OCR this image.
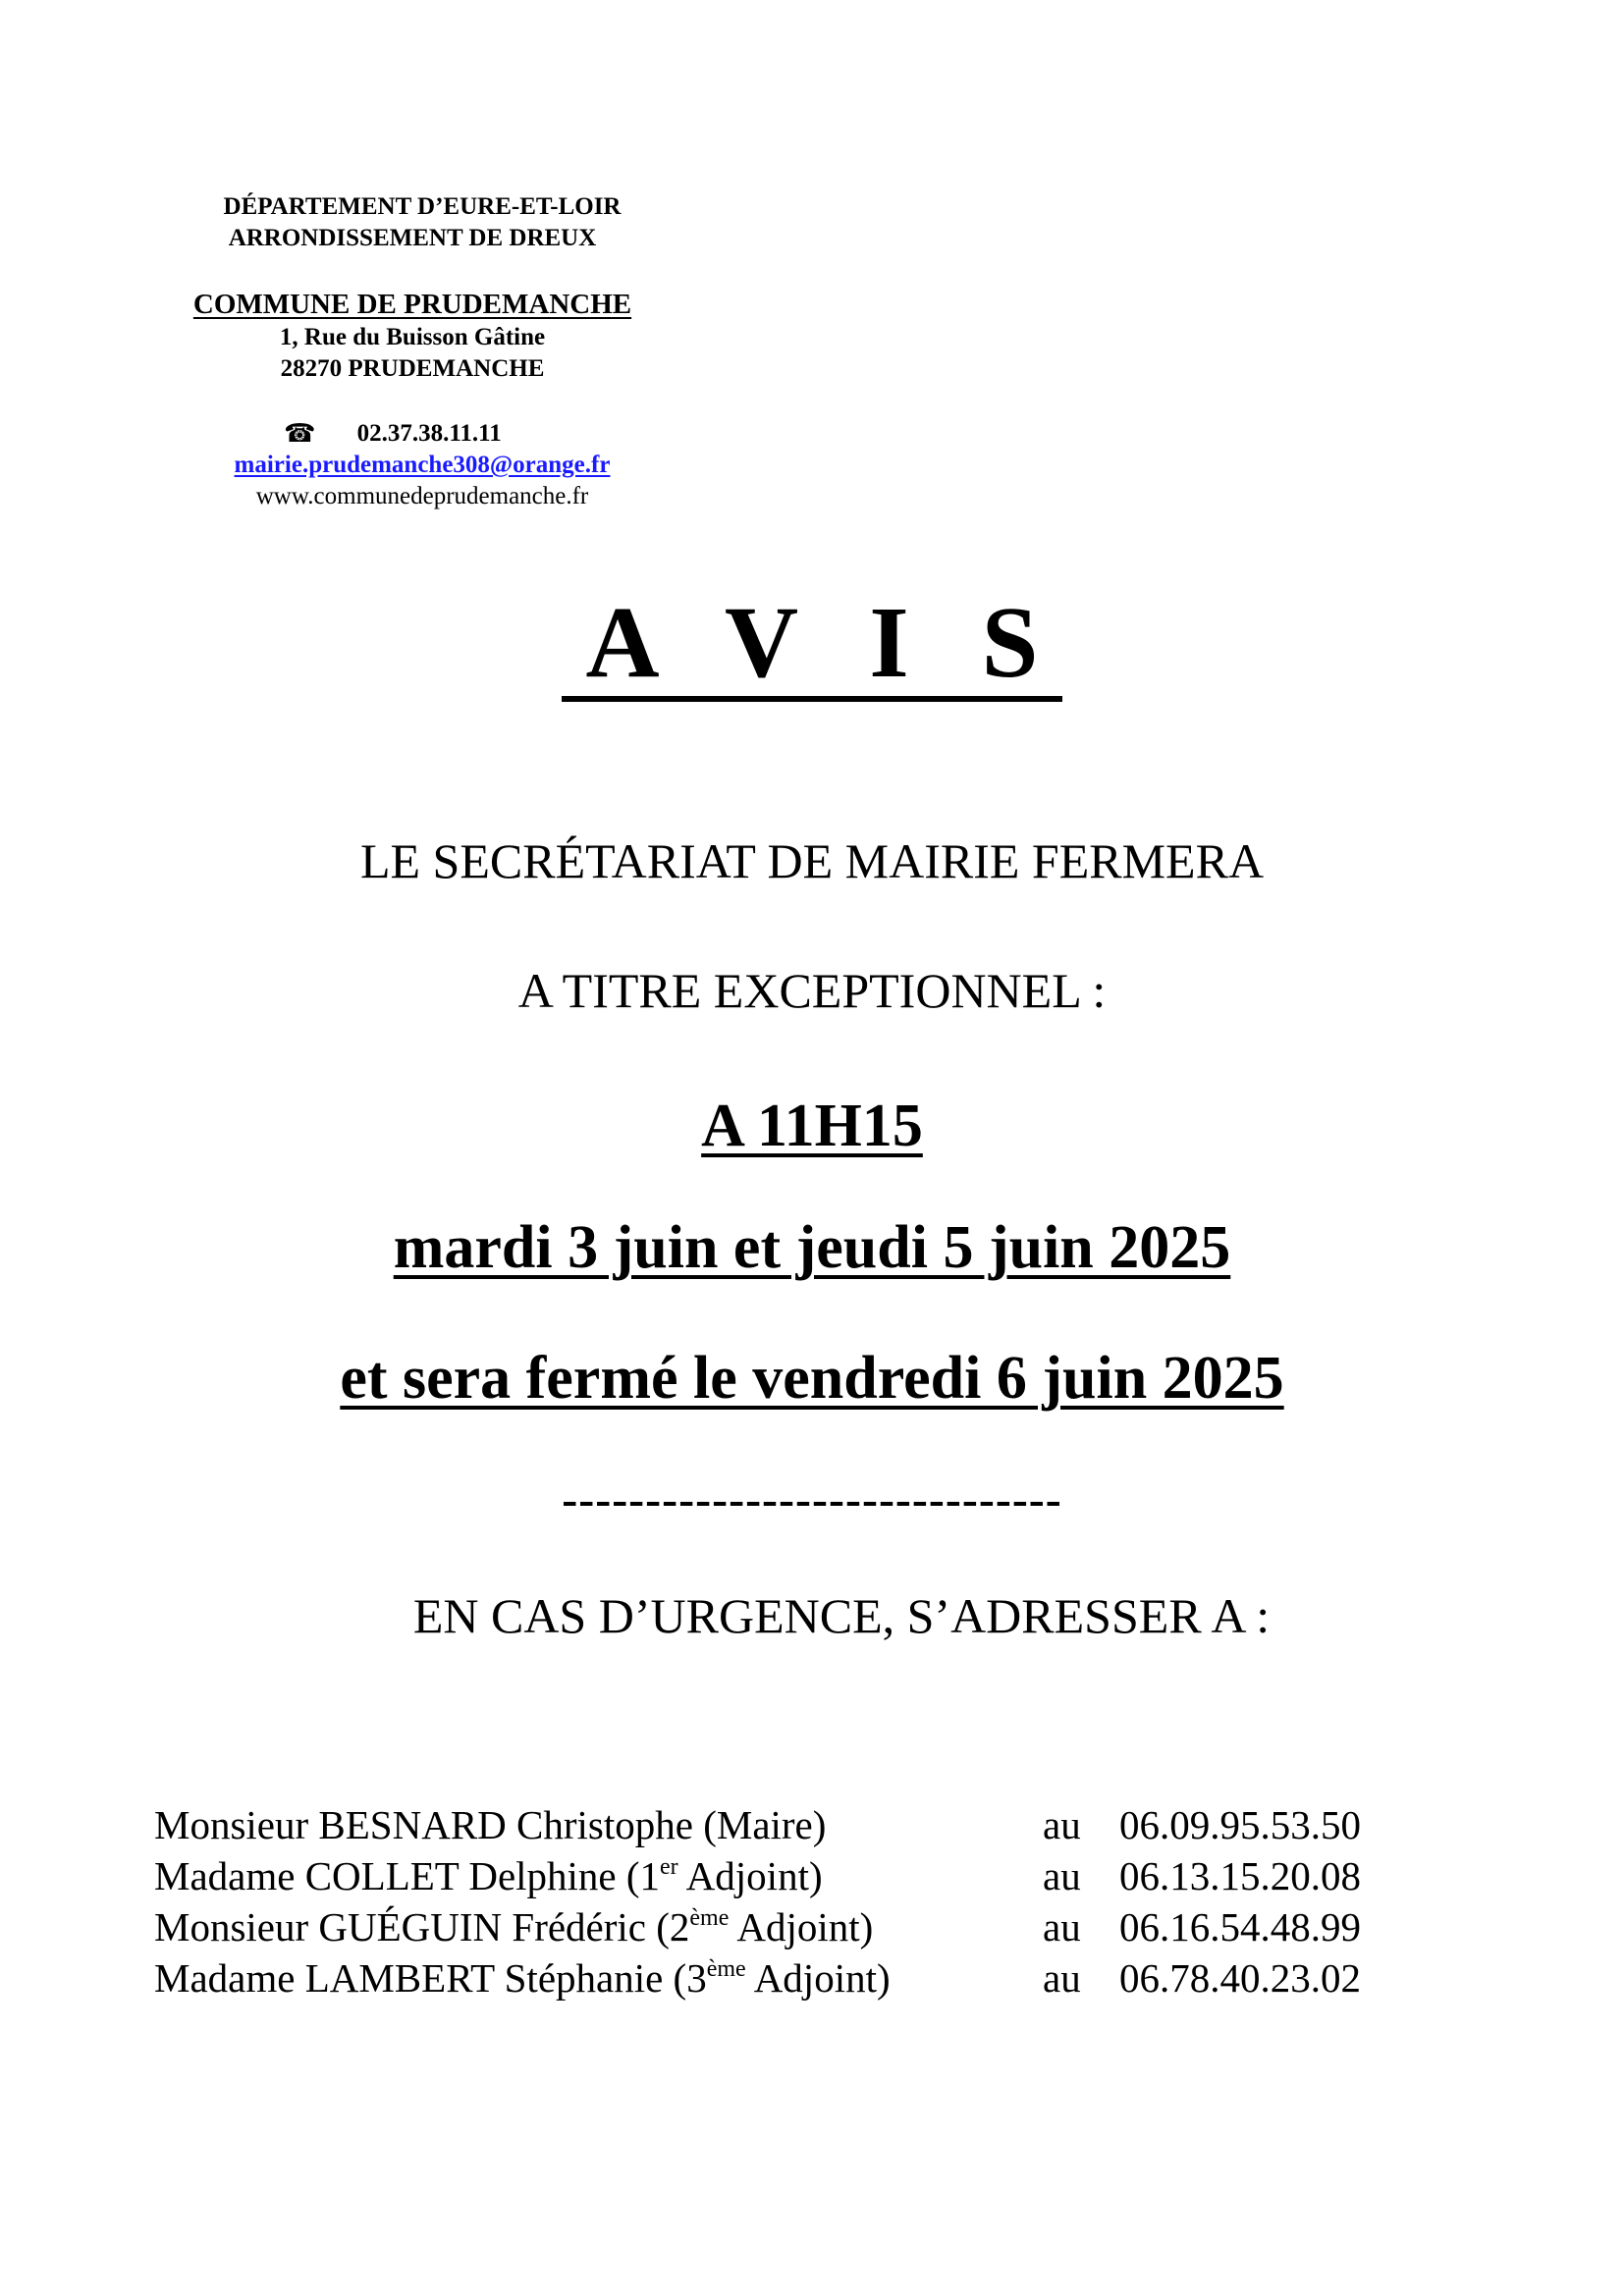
DÉPARTEMENT D’EURE-ET-LOIR
ARRONDISSEMENT DE DREUX
COMMUNE DE PRUDEMANCHE
1, Rue du Buisson Gâtine
28270 PRUDEMANCHE
☎ 02.37.38.11.11
mairie.prudemanche308@orange.fr
www.communedeprudemanche.fr
A V I S
LE SECRÉTARIAT DE MAIRIE FERMERA
A TITRE EXCEPTIONNEL :
A 11H15
mardi 3 juin et jeudi 5 juin 2025
et sera fermé le vendredi 6 juin 2025
------------------------------
EN CAS D’URGENCE, S’ADRESSER A :
Monsieur BESNARD Christophe (Maire)	au 06.09.95.53.50
Madame COLLET Delphine (1er Adjoint)	au 06.13.15.20.08
Monsieur GUÉGUIN Frédéric (2ème Adjoint)	au 06.16.54.48.99
Madame LAMBERT Stéphanie (3ème Adjoint)	au 06.78.40.23.02
